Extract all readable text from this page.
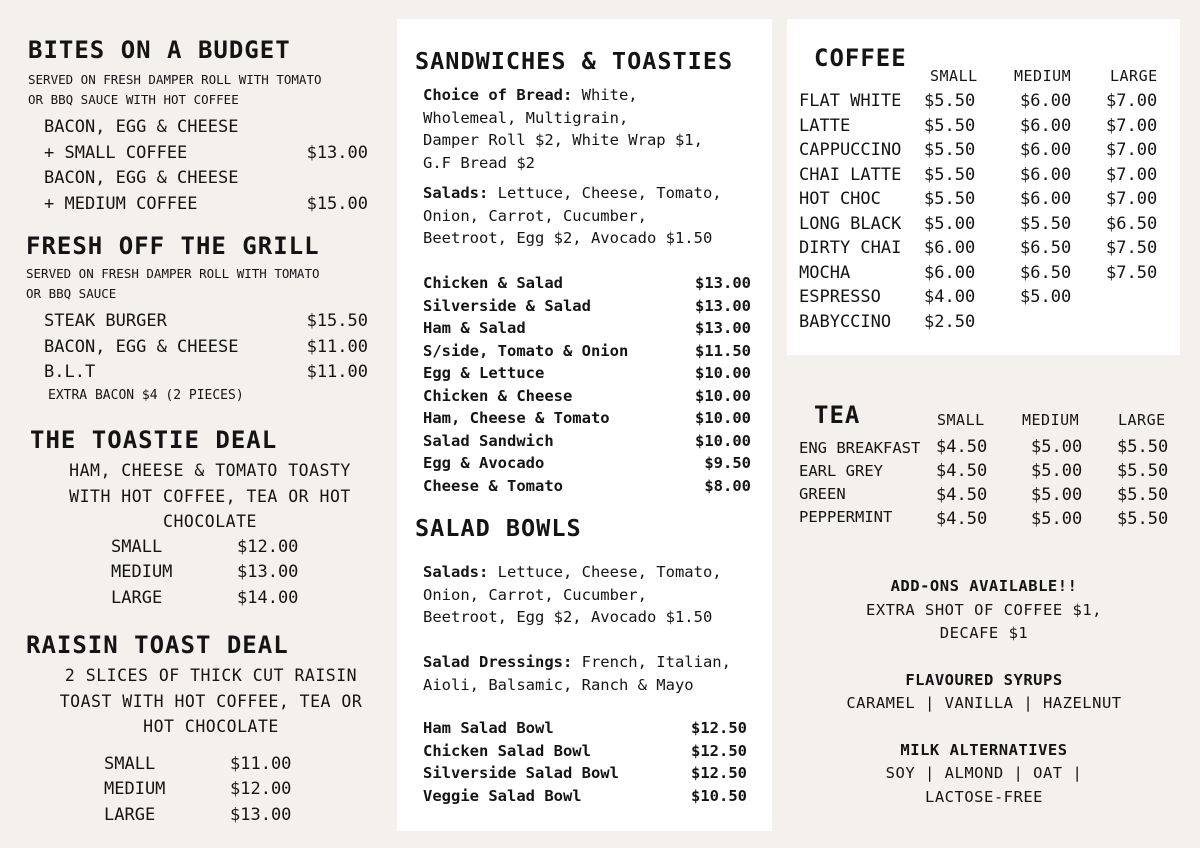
BITES ON A BUDGET
SERVED ON FRESH DAMPER ROLL WITH TOMATO
OR BBQ SAUCE WITH HOT COFFEE
BACON, EGG & CHEESE
+ SMALL COFFEE	$13.00
BACON, EGG & CHEESE
+ MEDIUM COFFEE	$15.00
FRESH OFF THE GRILL
SERVED ON FRESH DAMPER ROLL WITH TOMATO
OR BBQ SAUCE
STEAK BURGER	$15.50
BACON, EGG & CHEESE	$11.00
B.L.T	$11.00
EXTRA BACON $4 (2 PIECES)
THE TOASTIE DEAL
HAM, CHEESE & TOMATO TOASTY
WITH HOT COFFEE, TEA OR HOT
CHOCOLATE
SMALL	$12.00
MEDIUM	$13.00
LARGE	$14.00
RAISIN TOAST DEAL
2 SLICES OF THICK CUT RAISIN
TOAST WITH HOT COFFEE, TEA OR
HOT CHOCOLATE
SMALL	$11.00
MEDIUM	$12.00
LARGE	$13.00
SANDWICHES & TOASTIES
Choice of Bread: White,
Wholemeal, Multigrain,
Damper Roll $2, White Wrap $1,
G.F Bread $2
Salads: Lettuce, Cheese, Tomato,
Onion, Carrot, Cucumber,
Beetroot, Egg $2, Avocado $1.50
Chicken & Salad	$13.00
Silverside & Salad	$13.00
Ham & Salad	$13.00
S/side, Tomato & Onion	$11.50
Egg & Lettuce	$10.00
Chicken & Cheese	$10.00
Ham, Cheese & Tomato	$10.00
Salad Sandwich	$10.00
Egg & Avocado	$9.50
Cheese & Tomato	$8.00
SALAD BOWLS
Salads: Lettuce, Cheese, Tomato,
Onion, Carrot, Cucumber,
Beetroot, Egg $2, Avocado $1.50
Salad Dressings: French, Italian,
Aioli, Balsamic, Ranch & Mayo
Ham Salad Bowl	$12.50
Chicken Salad Bowl	$12.50
Silverside Salad Bowl	$12.50
Veggie Salad Bowl	$10.50
COFFEE
SMALL MEDIUM	LARGE
FLAT WHITE $5.50	$6.00 $7.00
LATTE	$5.50	$6.00 $7.00
CAPPUCCINO $5.50	$6.00 $7.00
CHAI LATTE $5.50	$6.00 $7.00
HOT CHOC	$5.50	$6.00 $7.00
LONG BLACK $5.00	$5.50 $6.50
DIRTY CHAI $6.00	$6.50 $7.50
MOCHA	$6.00	$6.50 $7.50
ESPRESSO	$4.00	$5.00
BABYCCINO $2.50
TEA	SMALL MEDIUM	LARGE
ENG BREAKFAST $4.50	$5.00 $5.50
EARL GREY	$4.50	$5.00 $5.50
GREEN	$4.50	$5.00 $5.50
PEPPERMINT	$4.50	$5.00 $5.50
ADD-ONS AVAILABLE!!
EXTRA SHOT OF COFFEE $1,
DECAFE $1
FLAVOURED SYRUPS
CARAMEL | VANILLA | HAZELNUT
MILK ALTERNATIVES
SOY | ALMOND | OAT |
LACTOSE-FREE
